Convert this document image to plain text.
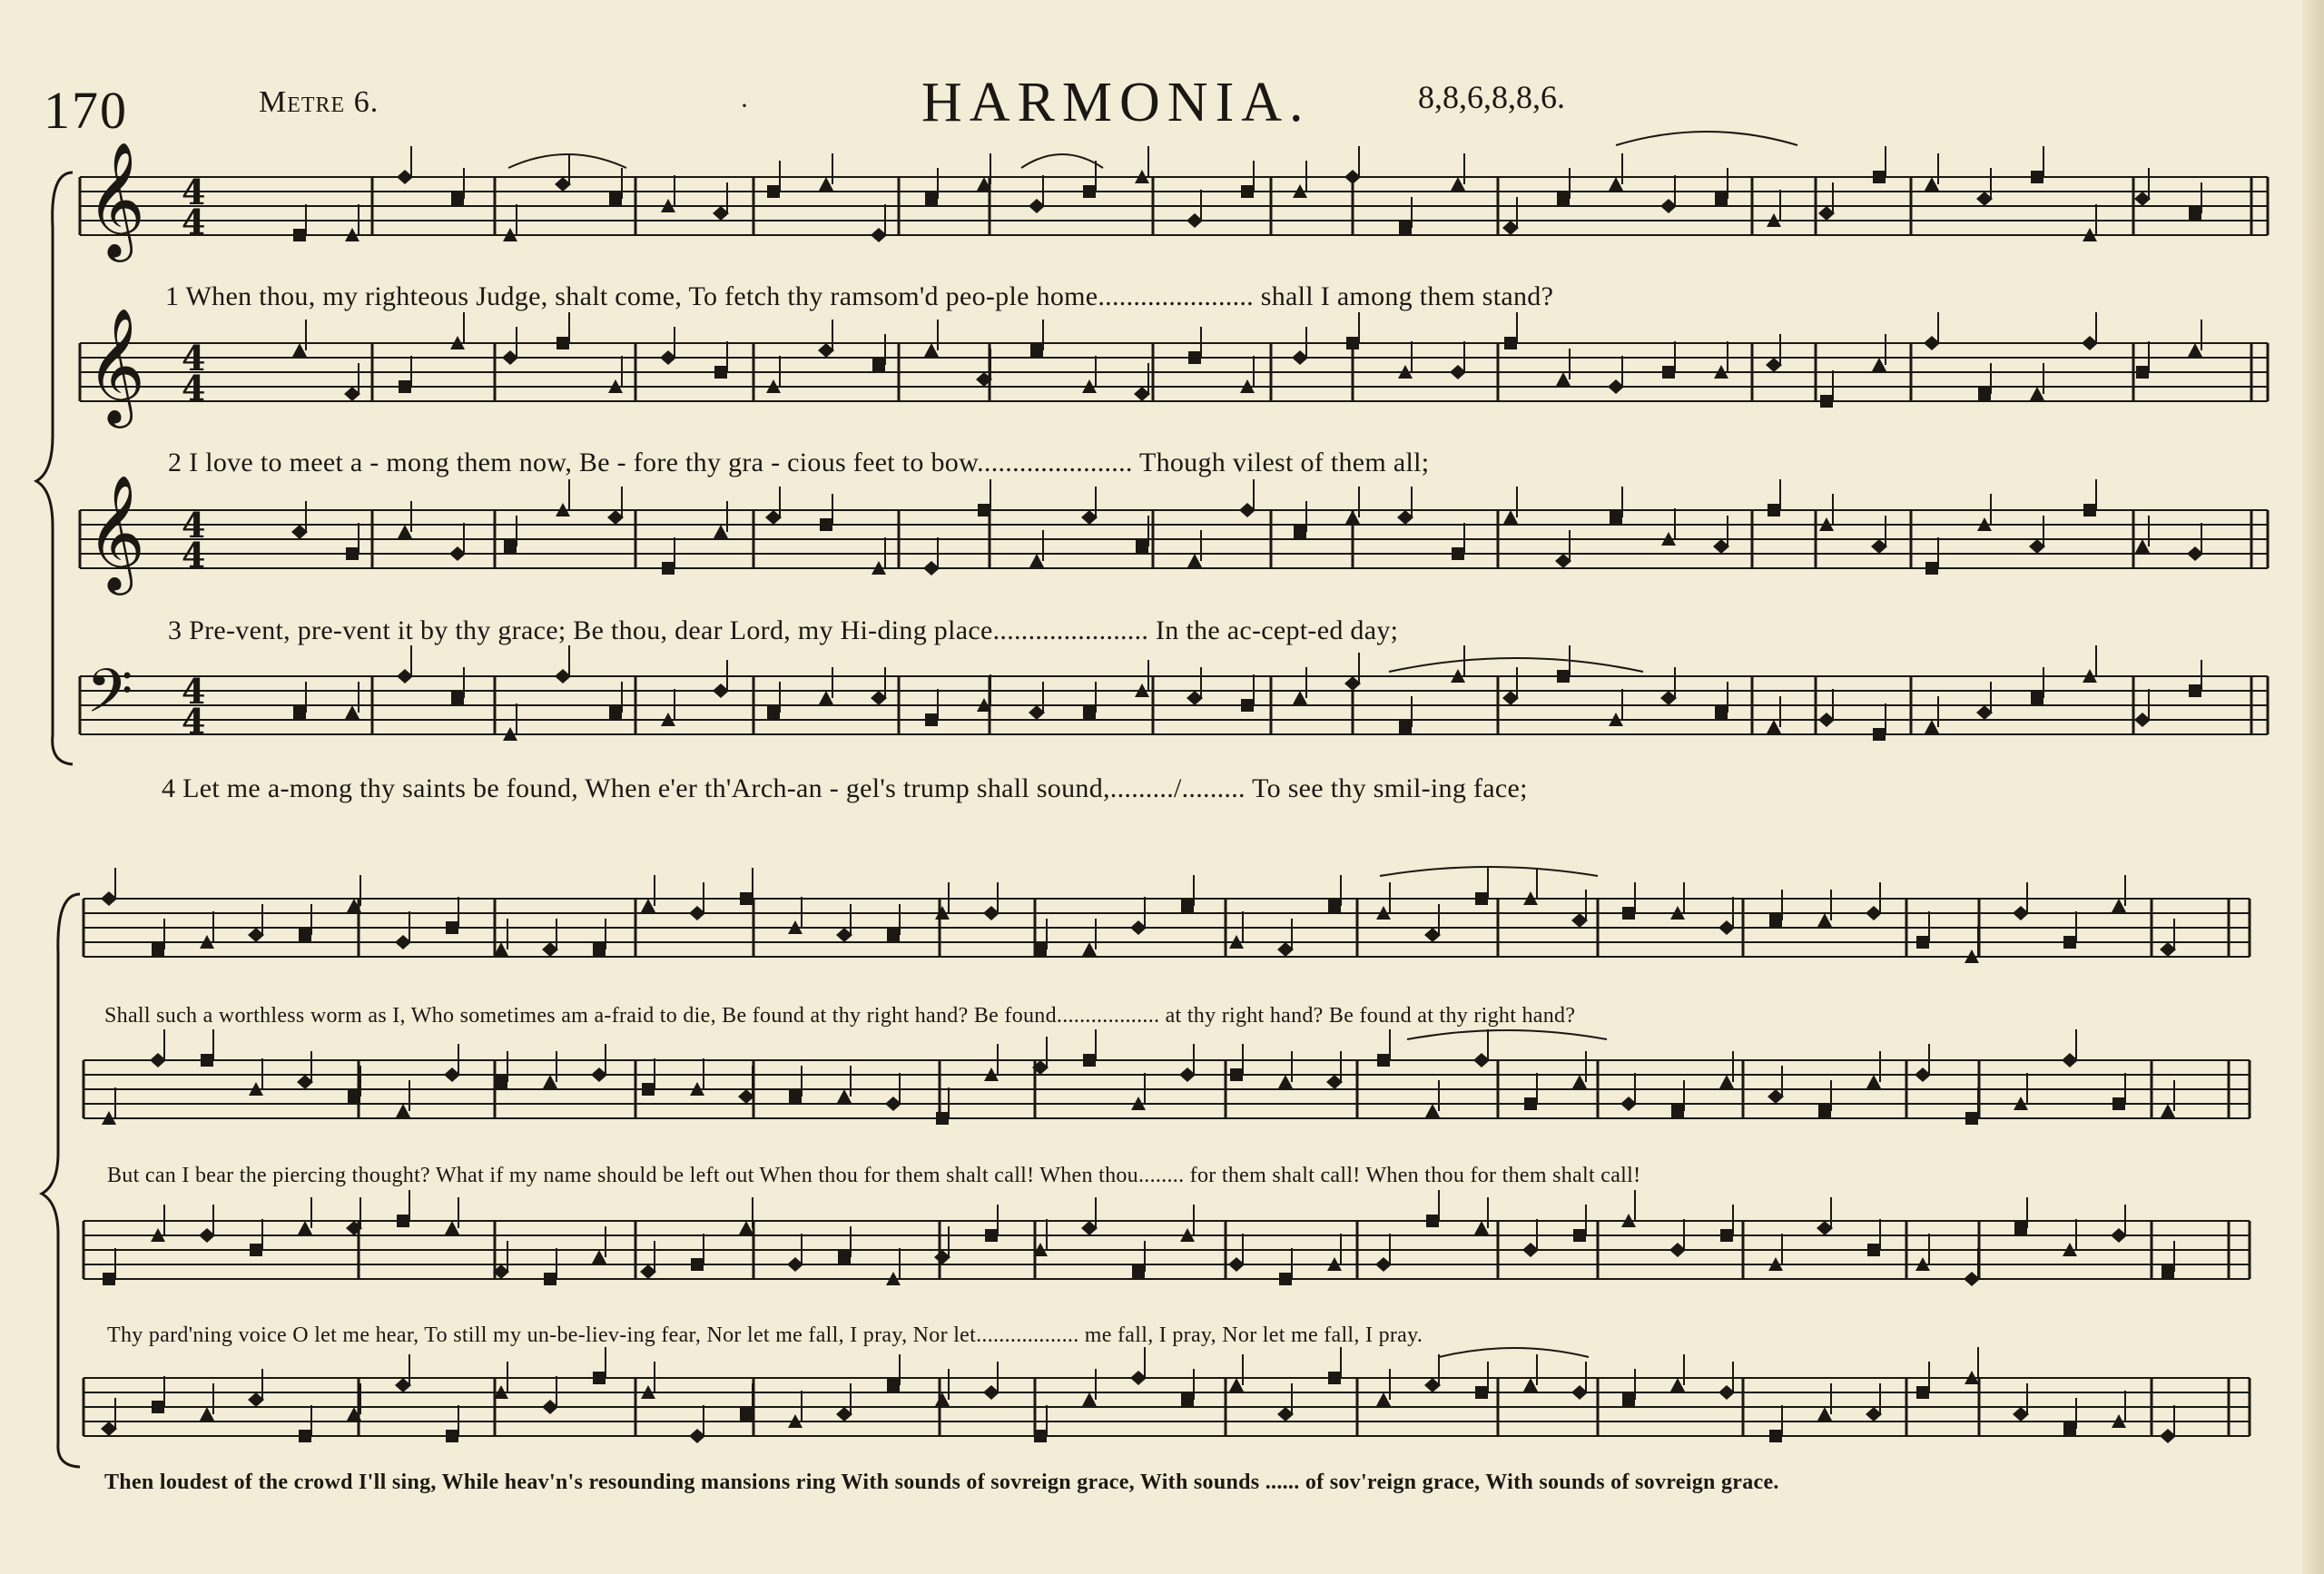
170	Metre 6.	·	HARMONIA.	8,8,6,8,8,6.
𝄞 4
4
𝄞 4
4
𝄞 4
4
𝄢 4
4
1 When thou, my righteous Judge, shalt come, To fetch thy ramsom'd peo-ple home...................... shall I among them stand?
2 I love to meet a - mong them now, Be - fore thy gra - cious feet to bow...................... Though vilest of them all;
3 Pre-vent, pre-vent it by thy grace; Be thou, dear Lord, my Hi-ding place...................... In the ac-cept-ed day;
4 Let me a-mong thy saints be found, When e'er th'Arch-an - gel's trump shall sound,........./......... To see thy smil-ing face;
Shall such a worthless worm as I, Who sometimes am a-fraid to die, Be found at thy right hand? Be found.................. at thy right hand? Be found at thy right hand?
But can I bear the piercing thought? What if my name should be left out When thou for them shalt call! When thou........ for them shalt call! When thou for them shalt call!
Thy pard'ning voice O let me hear, To still my un-be-liev-ing fear, Nor let me fall, I pray, Nor let.................. me fall, I pray, Nor let me fall, I pray.
Then loudest of the crowd I'll sing, While heav'n's resounding mansions ring With sounds of sovreign grace, With sounds ...... of sov'reign grace, With sounds of sovreign grace.
